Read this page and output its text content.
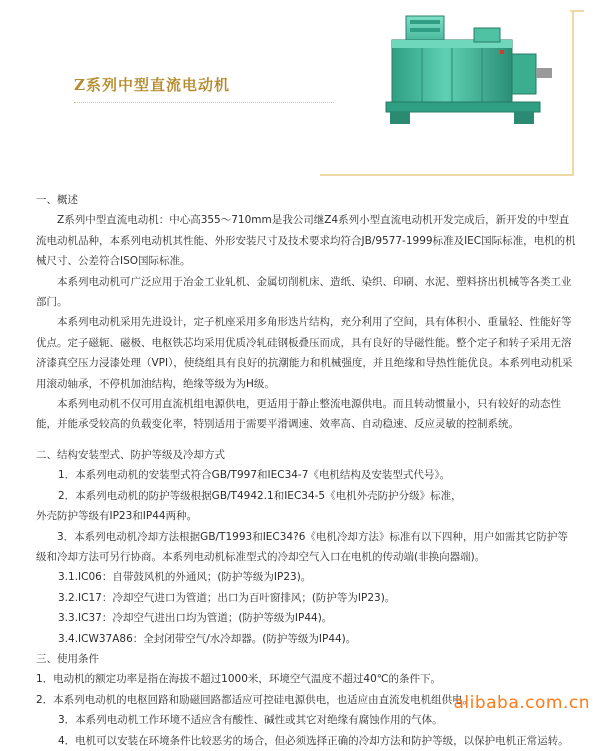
Z系列中型直流电动机

一、概述

Z系列中型直流电动机：中心高355～710mm是我公司继Z4系列小型直流电动机开发完成后，新开发的中型直流电动机品种，本系列电动机其性能、外形安装尺寸及技术要求均符合JB/9577-1999标准及IEC国际标准，电机的机械尺寸、公差符合ISO国际标准。

本系列电动机可广泛应用于冶金工业轧机、金属切削机床、造纸、染织、印刷、水泥、塑料挤出机械等各类工业部门。

本系列电动机采用先进设计，定子机座采用多角形迭片结构，充分利用了空间，具有体积小、重量轻、性能好等优点。定子磁轭、磁极、电枢铁芯均采用优质冷轧硅钢板叠压而成，具有良好的导磁性能。整个定子和转子采用无溶济漆真空压力浸漆处理（VPI），使绕组具有良好的抗潮能力和机械强度，并且绝缘和导热性能优良。本系列电动机采用滚动轴承，不停机加油结构，绝缘等级为为H级。

本系列电动机不仅可用直流机组电源供电，更适用于静止整流电源供电。而且转动惯量小，只有较好的动态性能，并能承受较高的负载变化率，特别适用于需要平滑调速、效率高、自动稳速、反应灵敏的控制系统。

二、结构安装型式、防护等级及冷却方式

1．本系列电动机的安装型式符合GB/T997和IEC34-7《电机结构及安装型式代号》。

2．本系列电动机的防护等级根据GB/T4942.1和IEC34-5《电机外壳防护分级》标准，

外壳防护等级有IP23和IP44两种。

3．本系列电动机冷却方法根据GB/T1993和IEC34?6《电机冷却方法》标准有以下四种，用户如需其它防护等级和冷却方法可另行协商。本系列电动机标准型式的冷却空气入口在电机的传动端(非换向器端)。

3.1.IC06：自带鼓风机的外通风；(防护等级为IP23)。

3.2.IC17：冷却空气进口为管道；出口为百叶窗排风；(防护等为IP23)。

3.3.IC37：冷却空气进出口均为管道；(防护等级为IP44)。

3.4.ICW37A86：全封闭带空气/水冷却器。(防护等级为IP44)。

三、使用条件

1．电动机的额定功率是指在海拔不超过1000米，环境空气温度不超过40℃的条件下。

2．本系列电动机的电枢回路和励磁回路都适应可控硅电源供电，也适应由直流发电机组供电。

3．本系列电动机工作环境不适应含有酸性、碱性或其它对绝缘有腐蚀作用的气体。

4．电机可以安装在环境条件比较恶劣的场合，但必须选择正确的冷却方法和防护等级，以保护电机正常运转。

alibaba.com.cn
